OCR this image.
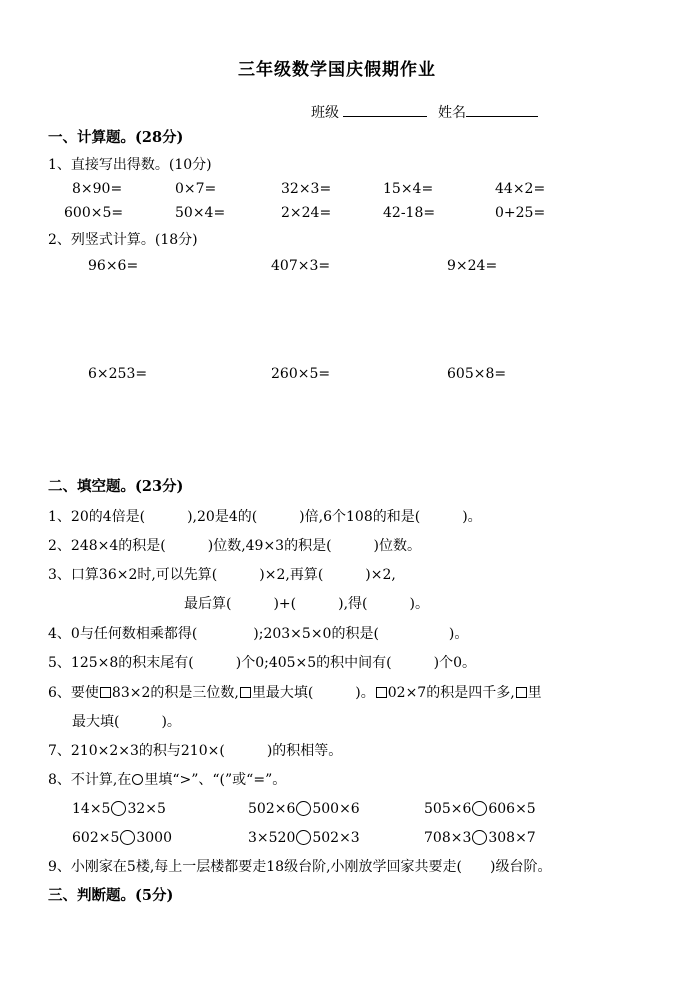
三年级数学国庆假期作业
班级	姓名
一、计算题。(28分)
1、直接写出得数。(10分)
8×90=	0×7=	32×3=	15×4=	44×2=
600×5=	50×4=	2×24=	42-18=	0+25=
2、列竖式计算。(18分)
96×6=	407×3=	9×24=
6×253=	260×5=	605×8=
二、填空题。(23分)
1、20的4倍是(　　　),20是4的(　　　)倍,6个108的和是(　　　)。
2、248×4的积是(　　　)位数,49×3的积是(　　　)位数。
3、口算36×2时,可以先算(　　　)×2,再算(　　　)×2,
最后算(　　　)+(　　　),得(　　　)。
4、0与任何数相乘都得(　　　　);203×5×0的积是(　　　　　)。
5、125×8的积末尾有(　　　)个0;405×5的积中间有(　　　)个0。
6、要使 83×2的积是三位数, 里最大填(　　　)。 02×7的积是四千多, 里
最大填(　　　)。
7、210×2×3的积与210×(　　　)的积相等。
8、不计算,在 里填“>”、“(”或“=”。
14×5 32×5	502×6 500×6	505×6 606×5
602×5 3000	3×520 502×3	708×3 308×7
9、小刚家在5楼,每上一层楼都要走18级台阶,小刚放学回家共要走(　　)级台阶。
三、判断题。(5分)
